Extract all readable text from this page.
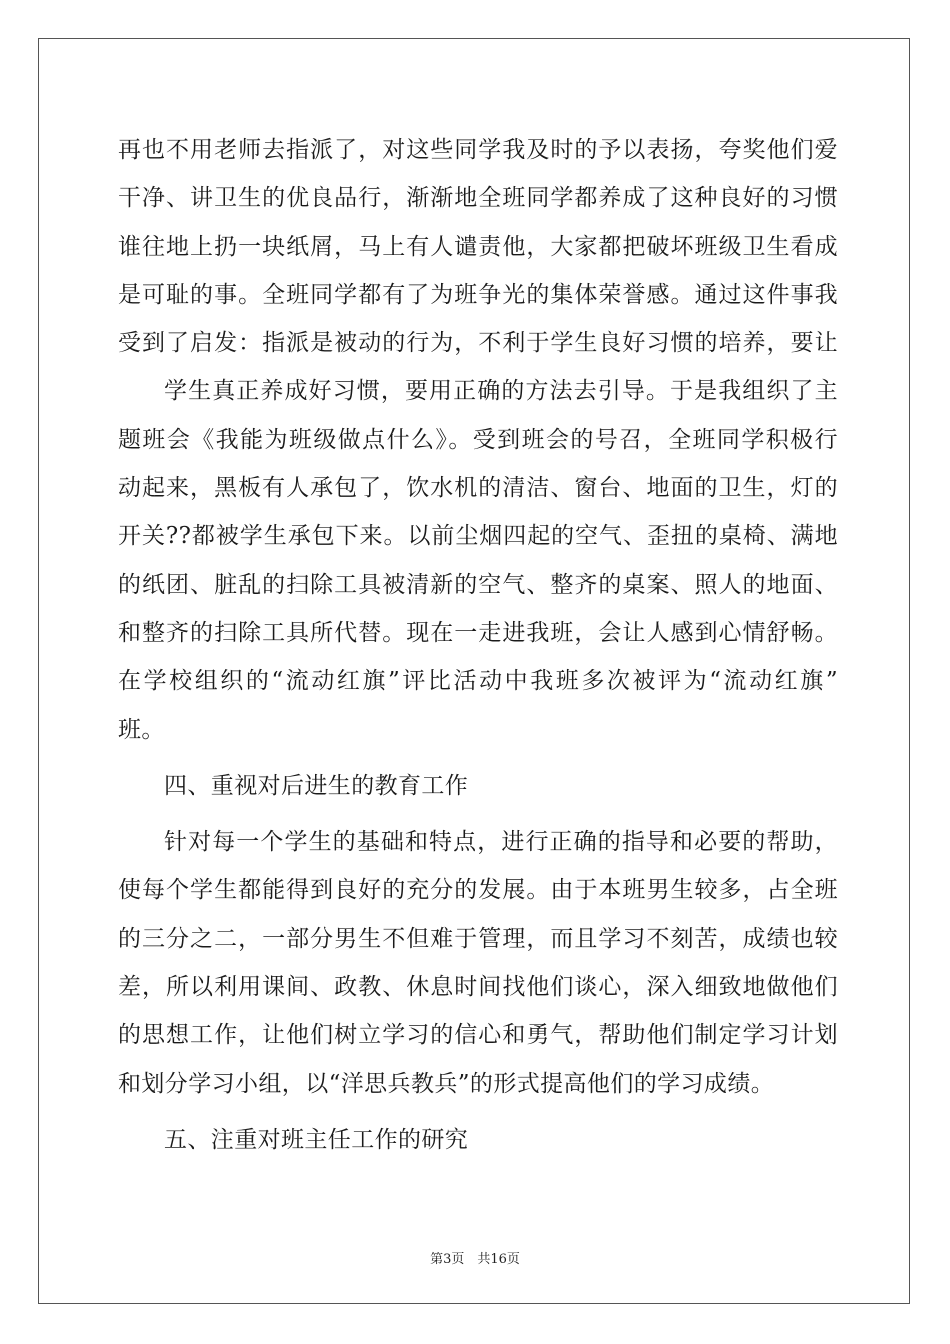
再也不用老师去指派了，对这些同学我及时的予以表扬，夸奖他们爱
干净、讲卫生的优良品行，渐渐地全班同学都养成了这种良好的习惯
谁往地上扔一块纸屑，马上有人谴责他，大家都把破坏班级卫生看成
是可耻的事。全班同学都有了为班争光的集体荣誉感。通过这件事我
受到了启发：指派是被动的行为，不利于学生良好习惯的培养，要让
学生真正养成好习惯，要用正确的方法去引导。于是我组织了主
题班会《我能为班级做点什么》。受到班会的号召，全班同学积极行
动起来，黑板有人承包了，饮水机的清洁、窗台、地面的卫生，灯的
开关??都被学生承包下来。以前尘烟四起的空气、歪扭的桌椅、满地
的纸团、脏乱的扫除工具被清新的空气、整齐的桌案、照人的地面、
和整齐的扫除工具所代替。现在一走进我班，会让人感到心情舒畅。
在学校组织的“流动红旗”评比活动中我班多次被评为“流动红旗”
班。
四、重视对后进生的教育工作
针对每一个学生的基础和特点，进行正确的指导和必要的帮助，
使每个学生都能得到良好的充分的发展。由于本班男生较多，占全班
的三分之二，一部分男生不但难于管理，而且学习不刻苦，成绩也较
差，所以利用课间、政教、休息时间找他们谈心，深入细致地做他们
的思想工作，让他们树立学习的信心和勇气，帮助他们制定学习计划
和划分学习小组，以“洋思兵教兵”的形式提高他们的学习成绩。
五、注重对班主任工作的研究
第3页　共16页
